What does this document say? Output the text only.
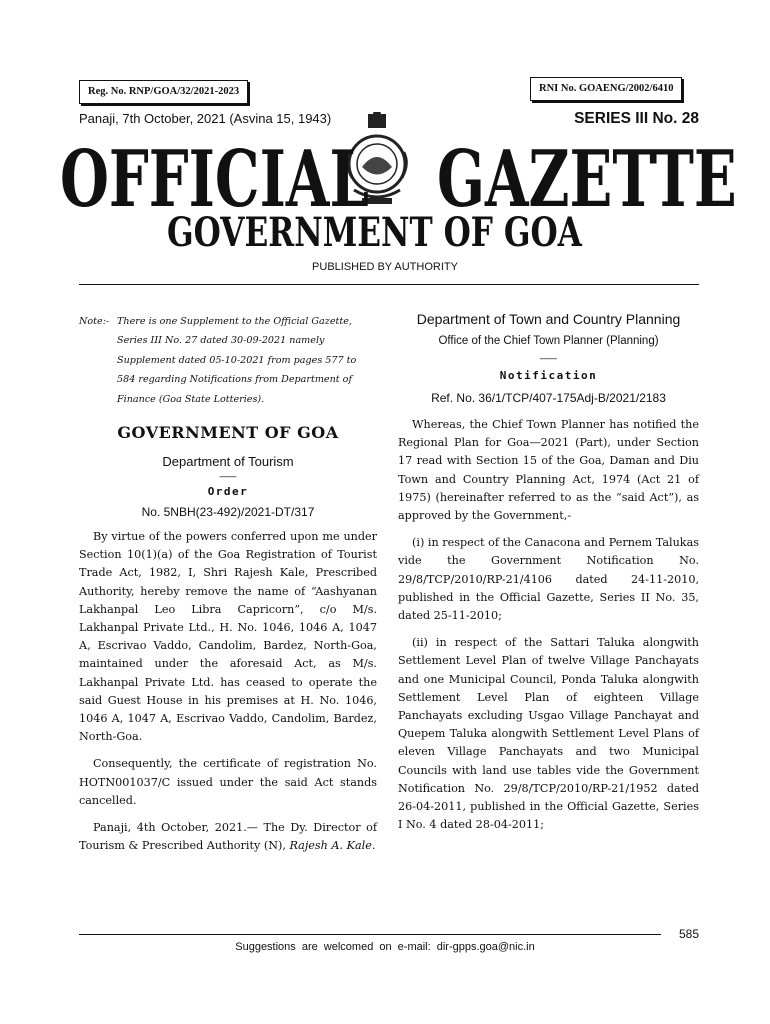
Reg. No. RNP/GOA/32/2021-2023	RNI No. GOAENG/2002/6410
Panaji, 7th October, 2021 (Asvina 15, 1943)	SERIES III No. 28
OFFICIAL GAZETTE
GOVERNMENT OF GOA
PUBLISHED BY AUTHORITY
Note:- There is one Supplement to the Official Gazette,
Series III No. 27 dated 30-09-2021 namely
Supplement dated 05-10-2021 from pages 577 to
584 regarding Notifications from Department of
Finance (Goa State Lotteries).
GOVERNMENT OF GOA
Department of Tourism
___
Order
No. 5NBH(23-492)/2021-DT/317

By virtue of the powers conferred upon me under Section 10(1)(a) of the Goa Registration of Tourist Trade Act, 1982, I, Shri Rajesh Kale, Prescribed Authority, hereby remove the name of “Aashyanan Lakhanpal Leo Libra Capricorn”, c/o M/s. Lakhanpal Private Ltd., H. No. 1046, 1046 A, 1047 A, Escrivao Vaddo, Candolim, Bardez, North-Goa, maintained under the aforesaid Act, as M/s. Lakhanpal Private Ltd. has ceased to operate the said Guest House in his premises at H. No. 1046, 1046 A, 1047 A, Escrivao Vaddo, Candolim, Bardez, North-Goa.

Consequently, the certificate of registration No. HOTN001037/C issued under the said Act stands cancelled.

Panaji, 4th October, 2021.— The Dy. Director of Tourism & Prescribed Authority (N), Rajesh A. Kale.

Department of Town and Country Planning
Office of the Chief Town Planner (Planning)
___
Notification
Ref. No. 36/1/TCP/407-175Adj-B/2021/2183

Whereas, the Chief Town Planner has notified the Regional Plan for Goa—2021 (Part), under Section 17 read with Section 15 of the Goa, Daman and Diu Town and Country Planning Act, 1974 (Act 21 of 1975) (hereinafter referred to as the “said Act”), as approved by the Government,-

(i) in respect of the Canacona and Pernem Talukas vide the Government Notification No. 29/8/TCP/2010/RP-21/4106 dated 24-11-2010, published in the Official Gazette, Series II No. 35, dated 25-11-2010;

(ii) in respect of the Sattari Taluka alongwith Settlement Level Plan of twelve Village Panchayats and one Municipal Council, Ponda Taluka alongwith Settlement Level Plan of eighteen Village Panchayats excluding Usgao Village Panchayat and Quepem Taluka alongwith Settlement Level Plans of eleven Village Panchayats and two Municipal Councils with land use tables vide the Government Notification No. 29/8/TCP/2010/RP-21/1952 dated 26-04-2011, published in the Official Gazette, Series I No. 4 dated 28-04-2011;

585
Suggestions are welcomed on e-mail: dir-gpps.goa@nic.in
